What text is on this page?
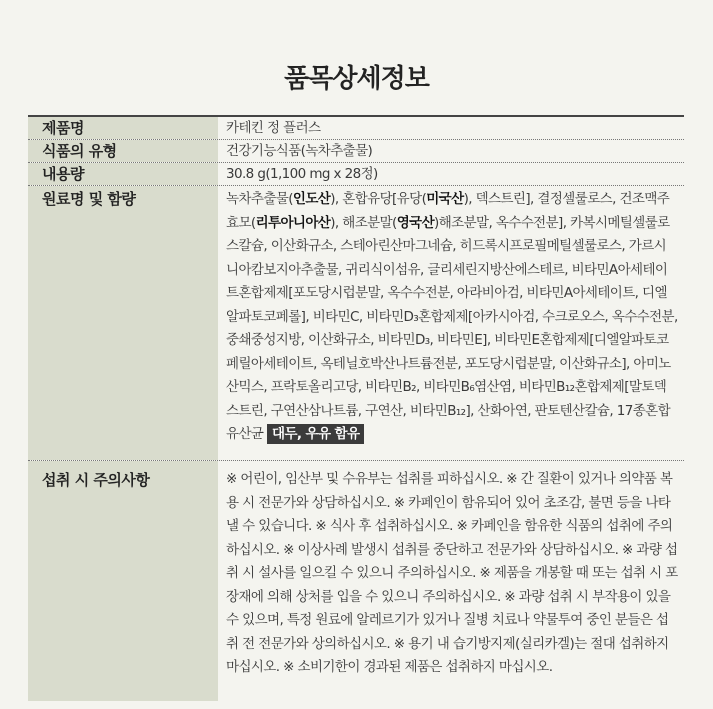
품목상세정보
제품명	카테킨 정 플러스
식품의 유형	건강기능식품(녹차추출물)
내용량	30.8 g(1,100 mg x 28정)
원료명 및 함량	녹차추출물(인도산), 혼합유당[유당(미국산), 덱스트린], 결정셀룰로스, 건조맥주효모(리투아니아산), 해조분말(영국산)해조분말, 옥수수전분], 카복시메틸셀룰로스칼슘, 이산화규소, 스테아린산마그네슘, 히드록시프로필메틸셀룰로스, 가르시니아캄보지아추출물, 귀리식이섬유, 글리세린지방산에스테르, 비타민A아세테이트혼합제제[포도당시럽분말, 옥수수전분, 아라비아검, 비타민A아세테이트, 디엘알파토코페롤], 비타민C, 비타민D₃혼합제제[아카시아검, 수크로오스, 옥수수전분, 중쇄중성지방, 이산화규소, 비타민D₃, 비타민E], 비타민E혼합제제[디엘알파토코페릴아세테이트, 옥테닐호박산나트륨전분, 포도당시럽분말, 이산화규소], 아미노산믹스, 프락토올리고당, 비타민B₂, 비타민B₆염산염, 비타민B₁₂혼합제제[말토덱스트린, 구연산삼나트륨, 구연산, 비타민B₁₂], 산화아연, 판토텐산칼슘, 17종혼합유산균 대두, 우유 함유
섭취 시 주의사항	※ 어린이, 임산부 및 수유부는 섭취를 피하십시오. ※ 간 질환이 있거나 의약품 복용 시 전문가와 상담하십시오. ※ 카페인이 함유되어 있어 초조감, 불면 등을 나타낼 수 있습니다. ※ 식사 후 섭취하십시오. ※ 카페인을 함유한 식품의 섭취에 주의하십시오. ※ 이상사례 발생시 섭취를 중단하고 전문가와 상담하십시오. ※ 과량 섭취 시 설사를 일으킬 수 있으니 주의하십시오. ※ 제품을 개봉할 때 또는 섭취 시 포장재에 의해 상처를 입을 수 있으니 주의하십시오. ※ 과량 섭취 시 부작용이 있을 수 있으며, 특정 원료에 알레르기가 있거나 질병 치료나 약물투여 중인 분들은 섭취 전 전문가와 상의하십시오. ※ 용기 내 습기방지제(실리카겔)는 절대 섭취하지 마십시오. ※ 소비기한이 경과된 제품은 섭취하지 마십시오.
